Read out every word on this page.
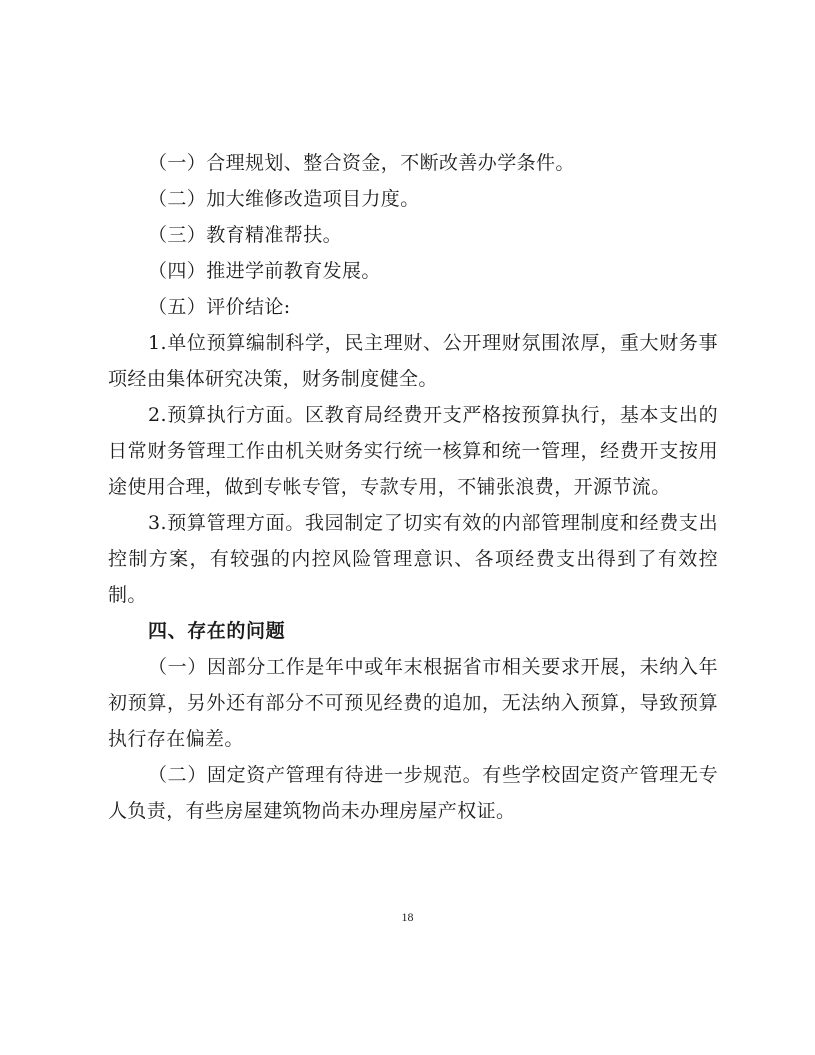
（一）合理规划、整合资金，不断改善办学条件。

（二）加大维修改造项目力度。

（三）教育精准帮扶。

（四）推进学前教育发展。

（五）评价结论:

1.单位预算编制科学，民主理财、公开理财氛围浓厚，重大财务事项经由集体研究决策，财务制度健全。

2.预算执行方面。区教育局经费开支严格按预算执行，基本支出的日常财务管理工作由机关财务实行统一核算和统一管理，经费开支按用途使用合理，做到专帐专管，专款专用，不铺张浪费，开源节流。

3.预算管理方面。我园制定了切实有效的内部管理制度和经费支出控制方案，有较强的内控风险管理意识、各项经费支出得到了有效控制。

四、存在的问题

（一）因部分工作是年中或年末根据省市相关要求开展，未纳入年初预算，另外还有部分不可预见经费的追加，无法纳入预算，导致预算执行存在偏差。

（二）固定资产管理有待进一步规范。有些学校固定资产管理无专人负责，有些房屋建筑物尚未办理房屋产权证。

18
